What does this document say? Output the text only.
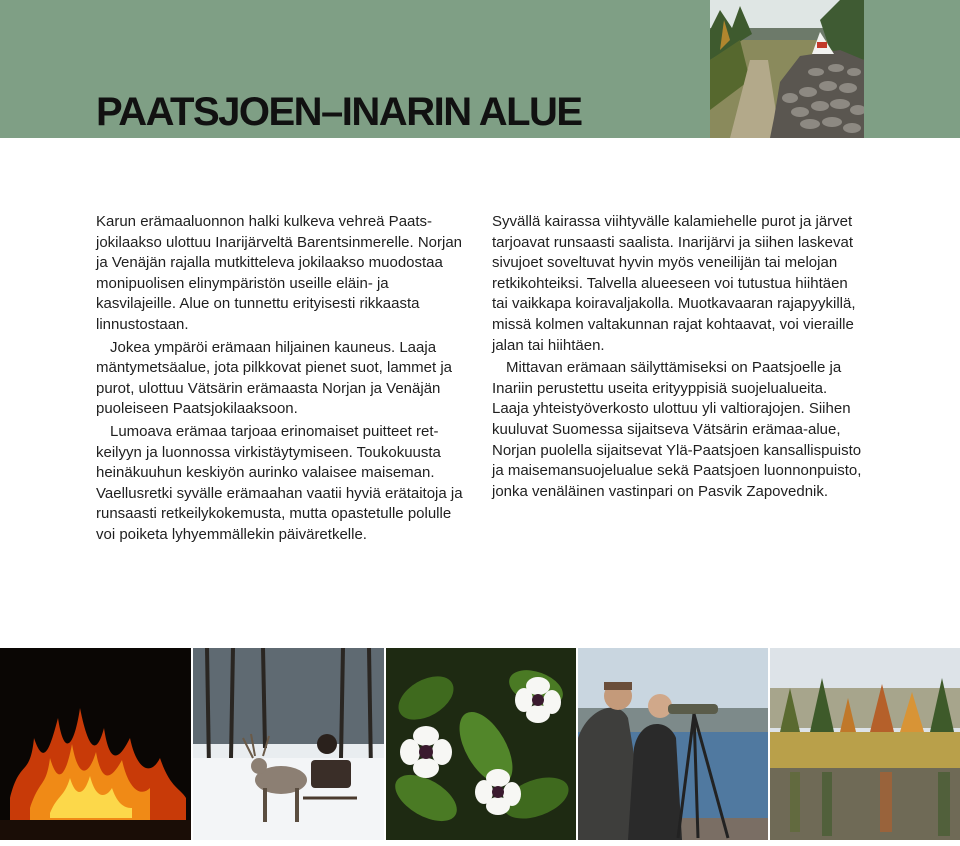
PAATSJOEN–INARIN ALUE

Karun erämaaluonnon halki kulkeva vehreä Paatsjokilaakso ulottuu Inarijärveltä Barentsinmerelle. Norjan ja Venäjän rajalla mutkitteleva jokilaakso muodostaa monipuolisen elinympäristön useille eläin- ja kasvilajeille. Alue on tunnettu erityisesti rikkaasta linnustostaan.

Jokea ympäröi erämaan hiljainen kauneus. Laaja mäntymetsäalue, jota pilkkovat pienet suot, lammet ja purot, ulottuu Vätsärin erämaasta Norjan ja Venäjän puoleiseen Paatsjokilaaksoon.

Lumoava erämaa tarjoaa erinomaiset puitteet retkeilyyn ja luonnossa virkistäytymiseen. Toukokuusta heinäkuuhun keskiyön aurinko valaisee maiseman. Vaellusretki syvälle erämaahan vaatii hyviä erätaitoja ja runsaasti retkeilykokemusta, mutta opastetulle polulle voi poiketa lyhyemmällekin päiväretkelle.

Syvällä kairassa viihtyvälle kalamiehelle purot ja järvet tarjoavat runsaasti saalista. Inarijärvi ja siihen laskevat sivujoet soveltuvat hyvin myös veneilijän tai melojan retkikohteiksi. Talvella alueeseen voi tutustua hiihtäen tai vaikkapa koiravaljakolla. Muotkavaaran rajapyykillä, missä kolmen valtakunnan rajat kohtaavat, voi vieraille jalan tai hiihtäen.

Mittavan erämaan säilyttämiseksi on Paatsjoelle ja Inariin perustettu useita erityyppisiä suojelualueita. Laaja yhteistyöverkosto ulottuu yli valtiorajojen. Siihen kuuluvat Suomessa sijaitseva Vätsärin erämaa-alue, Norjan puolella sijaitsevat Ylä-Paatsjoen kansallispuisto ja maisemansuojelualue sekä Paatsjoen luonnonpuisto, jonka venäläinen vastinpari on Pasvik Zapovednik.
